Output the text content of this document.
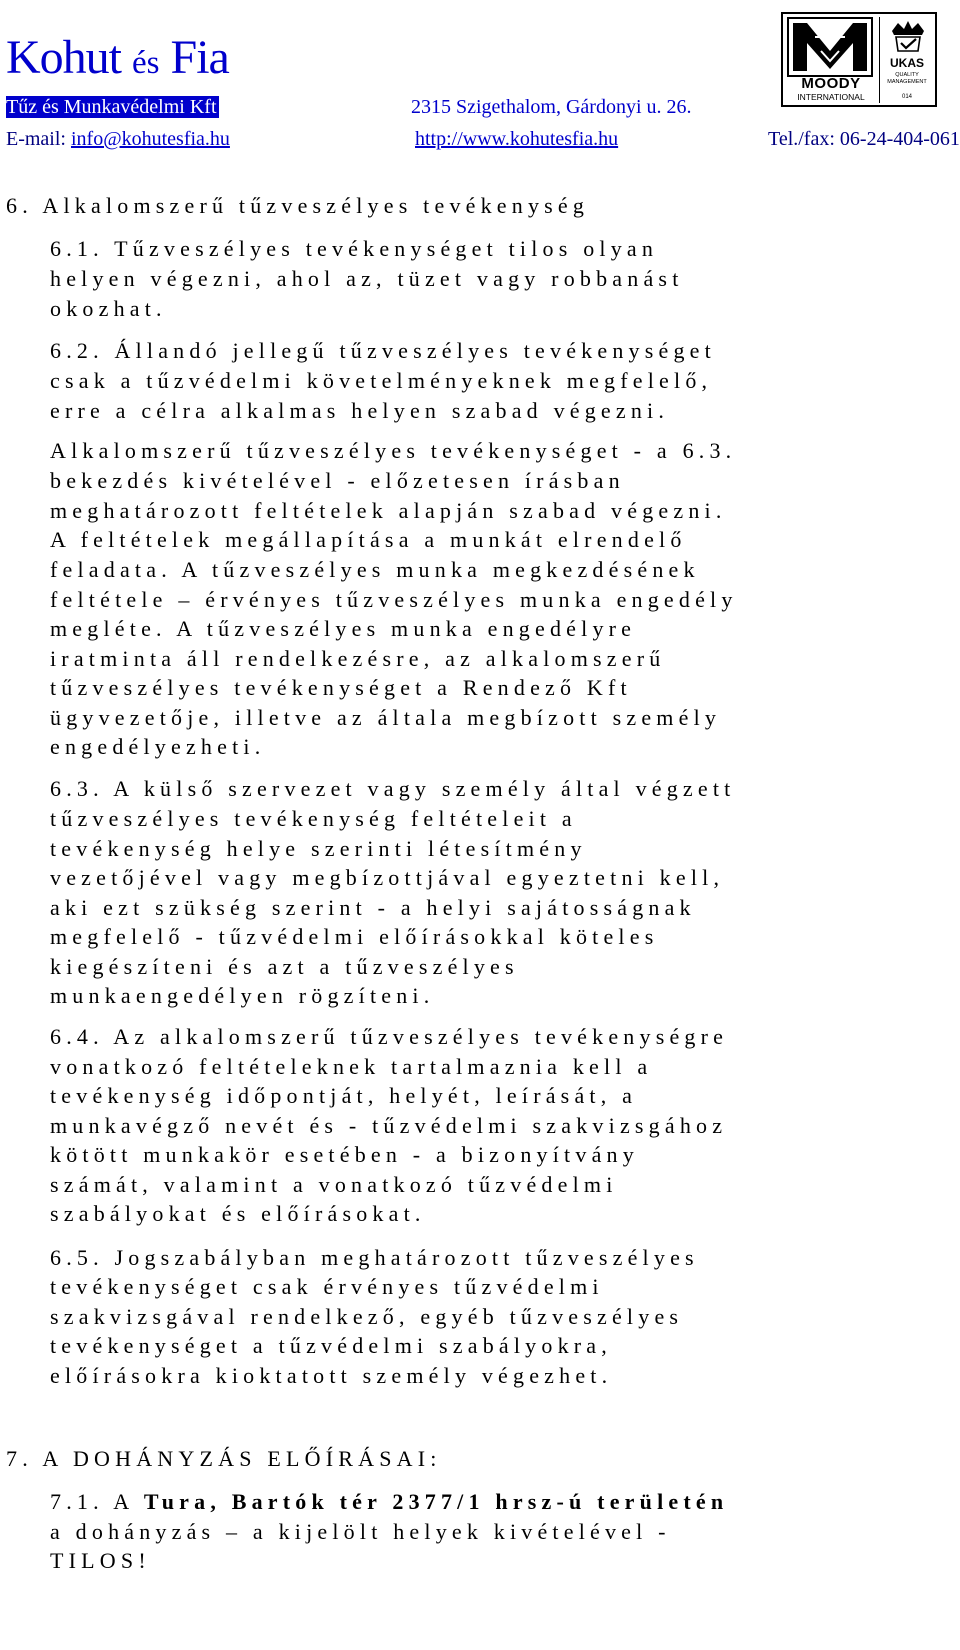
Kohut és Fia
Tűz és Munkavédelmi Kft	2315 Szigethalom, Gárdonyi u. 26.
E-mail: info@kohutesfia.hu	http://www.kohutesfia.hu	Tel./fax: 06-24-404-061
MOODY
INTERNATIONAL
UKAS
QUALITY
MANAGEMENT
014
6. Alkalomszerű tűzveszélyes tevékenység
6.1. Tűzveszélyes tevékenységet tilos olyan
helyen végezni, ahol az, tüzet vagy robbanást
okozhat.
6.2. Állandó jellegű tűzveszélyes tevékenységet
csak a tűzvédelmi követelményeknek megfelelő,
erre a célra alkalmas helyen szabad végezni.
Alkalomszerű tűzveszélyes tevékenységet - a 6.3.
bekezdés kivételével - előzetesen írásban
meghatározott feltételek alapján szabad végezni.
A feltételek megállapítása a munkát elrendelő
feladata. A tűzveszélyes munka megkezdésének
feltétele – érvényes tűzveszélyes munka engedély
megléte. A tűzveszélyes munka engedélyre
iratminta áll rendelkezésre, az alkalomszerű
tűzveszélyes tevékenységet a Rendező Kft
ügyvezetője, illetve az általa megbízott személy
engedélyezheti.
6.3. A külső szervezet vagy személy által végzett
tűzveszélyes tevékenység feltételeit a
tevékenység helye szerinti létesítmény
vezetőjével vagy megbízottjával egyeztetni kell,
aki ezt szükség szerint - a helyi sajátosságnak
megfelelő - tűzvédelmi előírásokkal köteles
kiegészíteni és azt a tűzveszélyes
munkaengedélyen rögzíteni.
6.4. Az alkalomszerű tűzveszélyes tevékenységre
vonatkozó feltételeknek tartalmaznia kell a
tevékenység időpontját, helyét, leírását, a
munkavégző nevét és - tűzvédelmi szakvizsgához
kötött munkakör esetében - a bizonyítvány
számát, valamint a vonatkozó tűzvédelmi
szabályokat és előírásokat.
6.5. Jogszabályban meghatározott tűzveszélyes
tevékenységet csak érvényes tűzvédelmi
szakvizsgával rendelkező, egyéb tűzveszélyes
tevékenységet a tűzvédelmi szabályokra,
előírásokra kioktatott személy végezhet.
7. A DOHÁNYZÁS ELŐÍRÁSAI:
7.1. A Tura, Bartók tér 2377/1 hrsz-ú területén
a dohányzás – a kijelölt helyek kivételével -
TILOS!
